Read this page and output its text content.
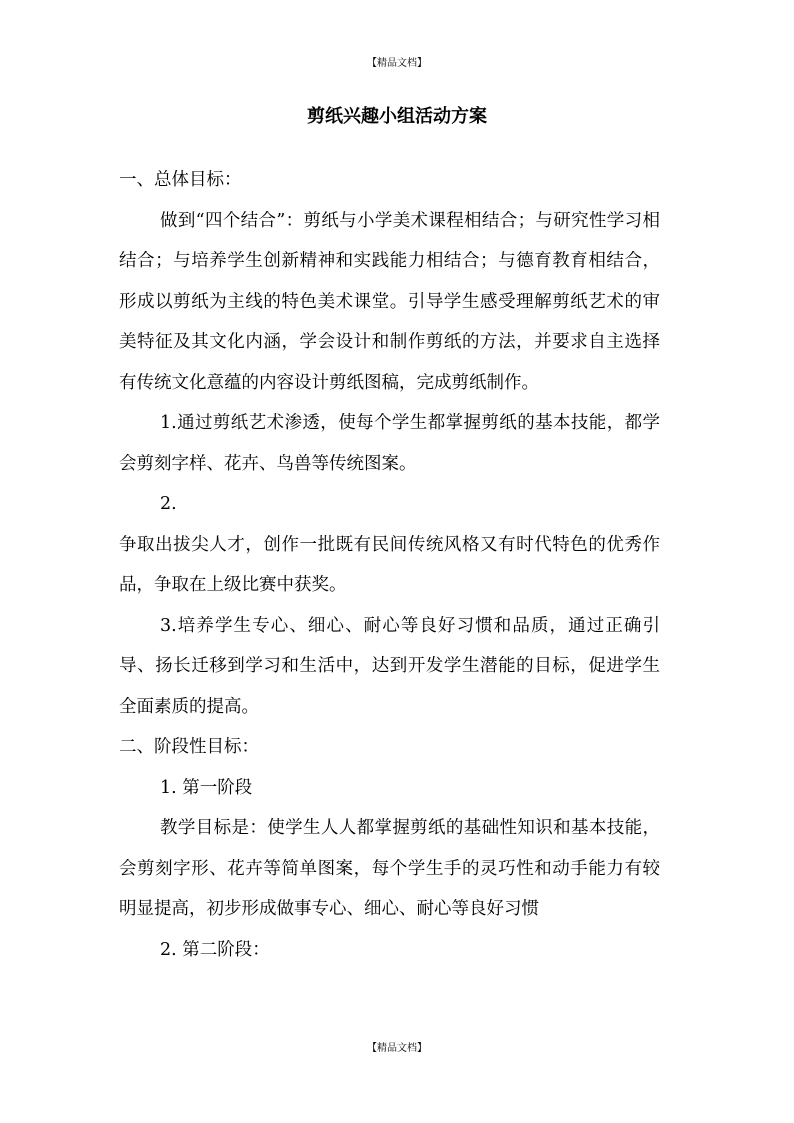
【精品文档】
剪纸兴趣小组活动方案

一、总体目标：

做到“四个结合”：剪纸与小学美术课程相结合；与研究性学习相结合；与培养学生创新精神和实践能力相结合；与德育教育相结合，形成以剪纸为主线的特色美术课堂。引导学生感受理解剪纸艺术的审美特征及其文化内涵，学会设计和制作剪纸的方法，并要求自主选择有传统文化意蕴的内容设计剪纸图稿，完成剪纸制作。

1.通过剪纸艺术渗透，使每个学生都掌握剪纸的基本技能，都学会剪刻字样、花卉、鸟兽等传统图案。

2.

争取出拔尖人才，创作一批既有民间传统风格又有时代特色的优秀作品，争取在上级比赛中获奖。

3.培养学生专心、细心、耐心等良好习惯和品质，通过正确引导、扬长迁移到学习和生活中，达到开发学生潜能的目标，促进学生全面素质的提高。

二、阶段性目标：

1. 第一阶段

教学目标是：使学生人人都掌握剪纸的基础性知识和基本技能，会剪刻字形、花卉等简单图案，每个学生手的灵巧性和动手能力有较明显提高，初步形成做事专心、细心、耐心等良好习惯

2. 第二阶段：

【精品文档】
